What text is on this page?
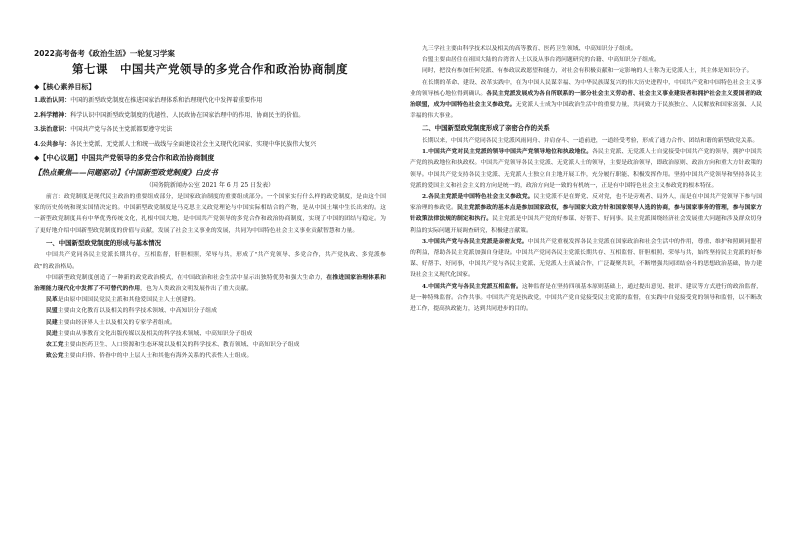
2022高考备考《政治生活》一轮复习学案
第七课　中国共产党领导的多党合作和政治协商制度
◆【核心素养目标】
1.政治认同：中国的新型政党制度在推进国家治理体系和治理现代化中发挥着重要作用
2.科学精神：科学认识中国新型政党制度的优越性、人民政协在国家治理中的作用、协商民主的价值。
3.法治意识：中国共产党与各民主党派都要遵守宪法
4.公共参与：各民主党派、无党派人士和统一战线与全面建设社会主义现代化国家、实现中华民族伟大复兴
◆【中心议题】中国共产党领导的多党合作和政治协商制度
【热点聚焦——问题驱动】《中国新型政党制度》白皮书
（国务院新闻办公室 2021 年 6 月 25 日发表）

前言：政党制度是现代民主政治的重要组成部分，是国家政治制度的重要组成部分。一个国家实行什么样的政党制度，是由这个国家的历史传统和现实国情决定的。中国新型政党制度是马克思主义政党理论与中国实际相结合的产物，是从中国土壤中生长出来的。这一新型政党制度具有中华优秀传统文化，扎根中国大地，是中国共产党领导的多党合作和政治协商制度，实现了中国的团结与稳定。为了更好地介绍中国新型政党制度的价值与贡献，发展了社会主义事业的发展，共同为中国特色社会主义事业贡献智慧和力量。

一、中国新型政党制度的形成与基本情况

中国共产党同各民主党派长期共存，互相监督，肝胆相照，荣辱与共，形成了"共产党领导、多党合作，共产党执政、多党派参政"的政治格局。

中国新型政党制度创造了一种新的政党政治模式，在中国政治和社会生活中显示出独特优势和强大生命力，在推进国家治理体系和治理能力现代化中发挥了不可替代的作用，也为人类政治文明发展作出了重大贡献。

民革是由原中国国民党民主派和其他爱国民主人士创建的。

民盟主要由文化教育以及相关的科学技术领域、中高知识分子组成

民建主要由经济界人士以及相关的专家学者组成。

民进主要由从事教育文化出版传媒以及相关的科学技术领域、中高知识分子组成

农工党主要由医药卫生、人口资源和生态环境以及相关的科学技术、教育领域、中高知识分子组成

致公党主要由归侨、侨眷中的中上层人士和其他有海外关系的代表性人士组成。

九三学社主要由科学技术以及相关的高等教育、医药卫生领域、中高知识分子组成。

台盟主要由居住在祖国大陆的台湾省人士以及从事台湾问题研究的台籍、中高知识分子组成。

同时，把没有参加任何党派、有参政议政愿望和能力，对社会有积极贡献和一定影响的人士称为无党派人士，其主体是知识分子。

在长期的革命、建设、改革实践中，在为中国人民谋幸福、为中华民族谋复兴的伟大历史进程中，中国共产党和中国特色社会主义事业的领导核心地位得到确认。各民主党派发展成为各自所联系的一部分社会主义劳动者、社会主义事业建设者和拥护社会主义爱国者的政治联盟，成为中国特色社会主义参政党。无党派人士成为中国政治生活中的重要力量，共同致力于民族独立、人民解放和国家富强、人民幸福的伟大事业。

二、中国新型政党制度形成了亲密合作的关系

长期以来，中国共产党同各民主党派风雨同舟、并肩奋斗、一道前进，一道经受考验，形成了通力合作、团结和谐的新型政党关系。

1.中国共产党对民主党派的领导中国共产党领导地位和执政地位。各民主党派、无党派人士自觉接受中国共产党的领导，拥护中国共产党的执政地位和执政权。中国共产党领导各民主党派、无党派人士的领导，主要是政治领导，即政治原则、政治方向和重大方针政策的领导。中国共产党支持各民主党派、无党派人士独立自主地开展工作，充分履行职能、积极发挥作用。坚持中国共产党领导和坚持各民主党派的爱国主义和社会主义的方向是统一的，政治方向是一致的有机统一，正是有中国特色社会主义参政党的根本特征。

2.各民主党派是中国特色社会主义参政党。民主党派不是在野党、反对党，也不是旁观者、局外人，而是在中国共产党领导下参与国家治理的参政党。民主党派参政的基本点是参加国家政权，参与国家大政方针和国家领导人选的协商，参与国家事务的管理，参与国家方针政策法律法规的制定和执行。民主党派是中国共产党的好参谋、好帮手、好同事。民主党派围绕经济社会发展重大问题和涉及群众切身利益的实际问题开展调查研究，积极建言献策。

3.中国共产党与各民主党派是亲密友党。中国共产党重视发挥各民主党派在国家政治和社会生活中的作用，尊重、维护和照顾同盟者的利益，帮助各民主党派加强自身建设。中国共产党同各民主党派长期共存、互相监督、肝胆相照、荣辱与共，始终坚持民主党派的好参谋、好帮手、好同事，中国共产党与各民主党派、无党派人士真诚合作，广泛凝聚共识，不断增强共同团结奋斗的思想政治基础，协力建设社会主义现代化国家。

4.中国共产党与各民主党派互相监督。这种监督是在坚持四项基本原则基础上，通过提出意见、批评、建议等方式进行的政治监督，是一种特殊监督。合作共事。中国共产党是执政党，中国共产党自觉接受民主党派的监督，在实践中自觉接受党的领导和监督，以不断改进工作，提高执政能力，达到共同进步的目的。
